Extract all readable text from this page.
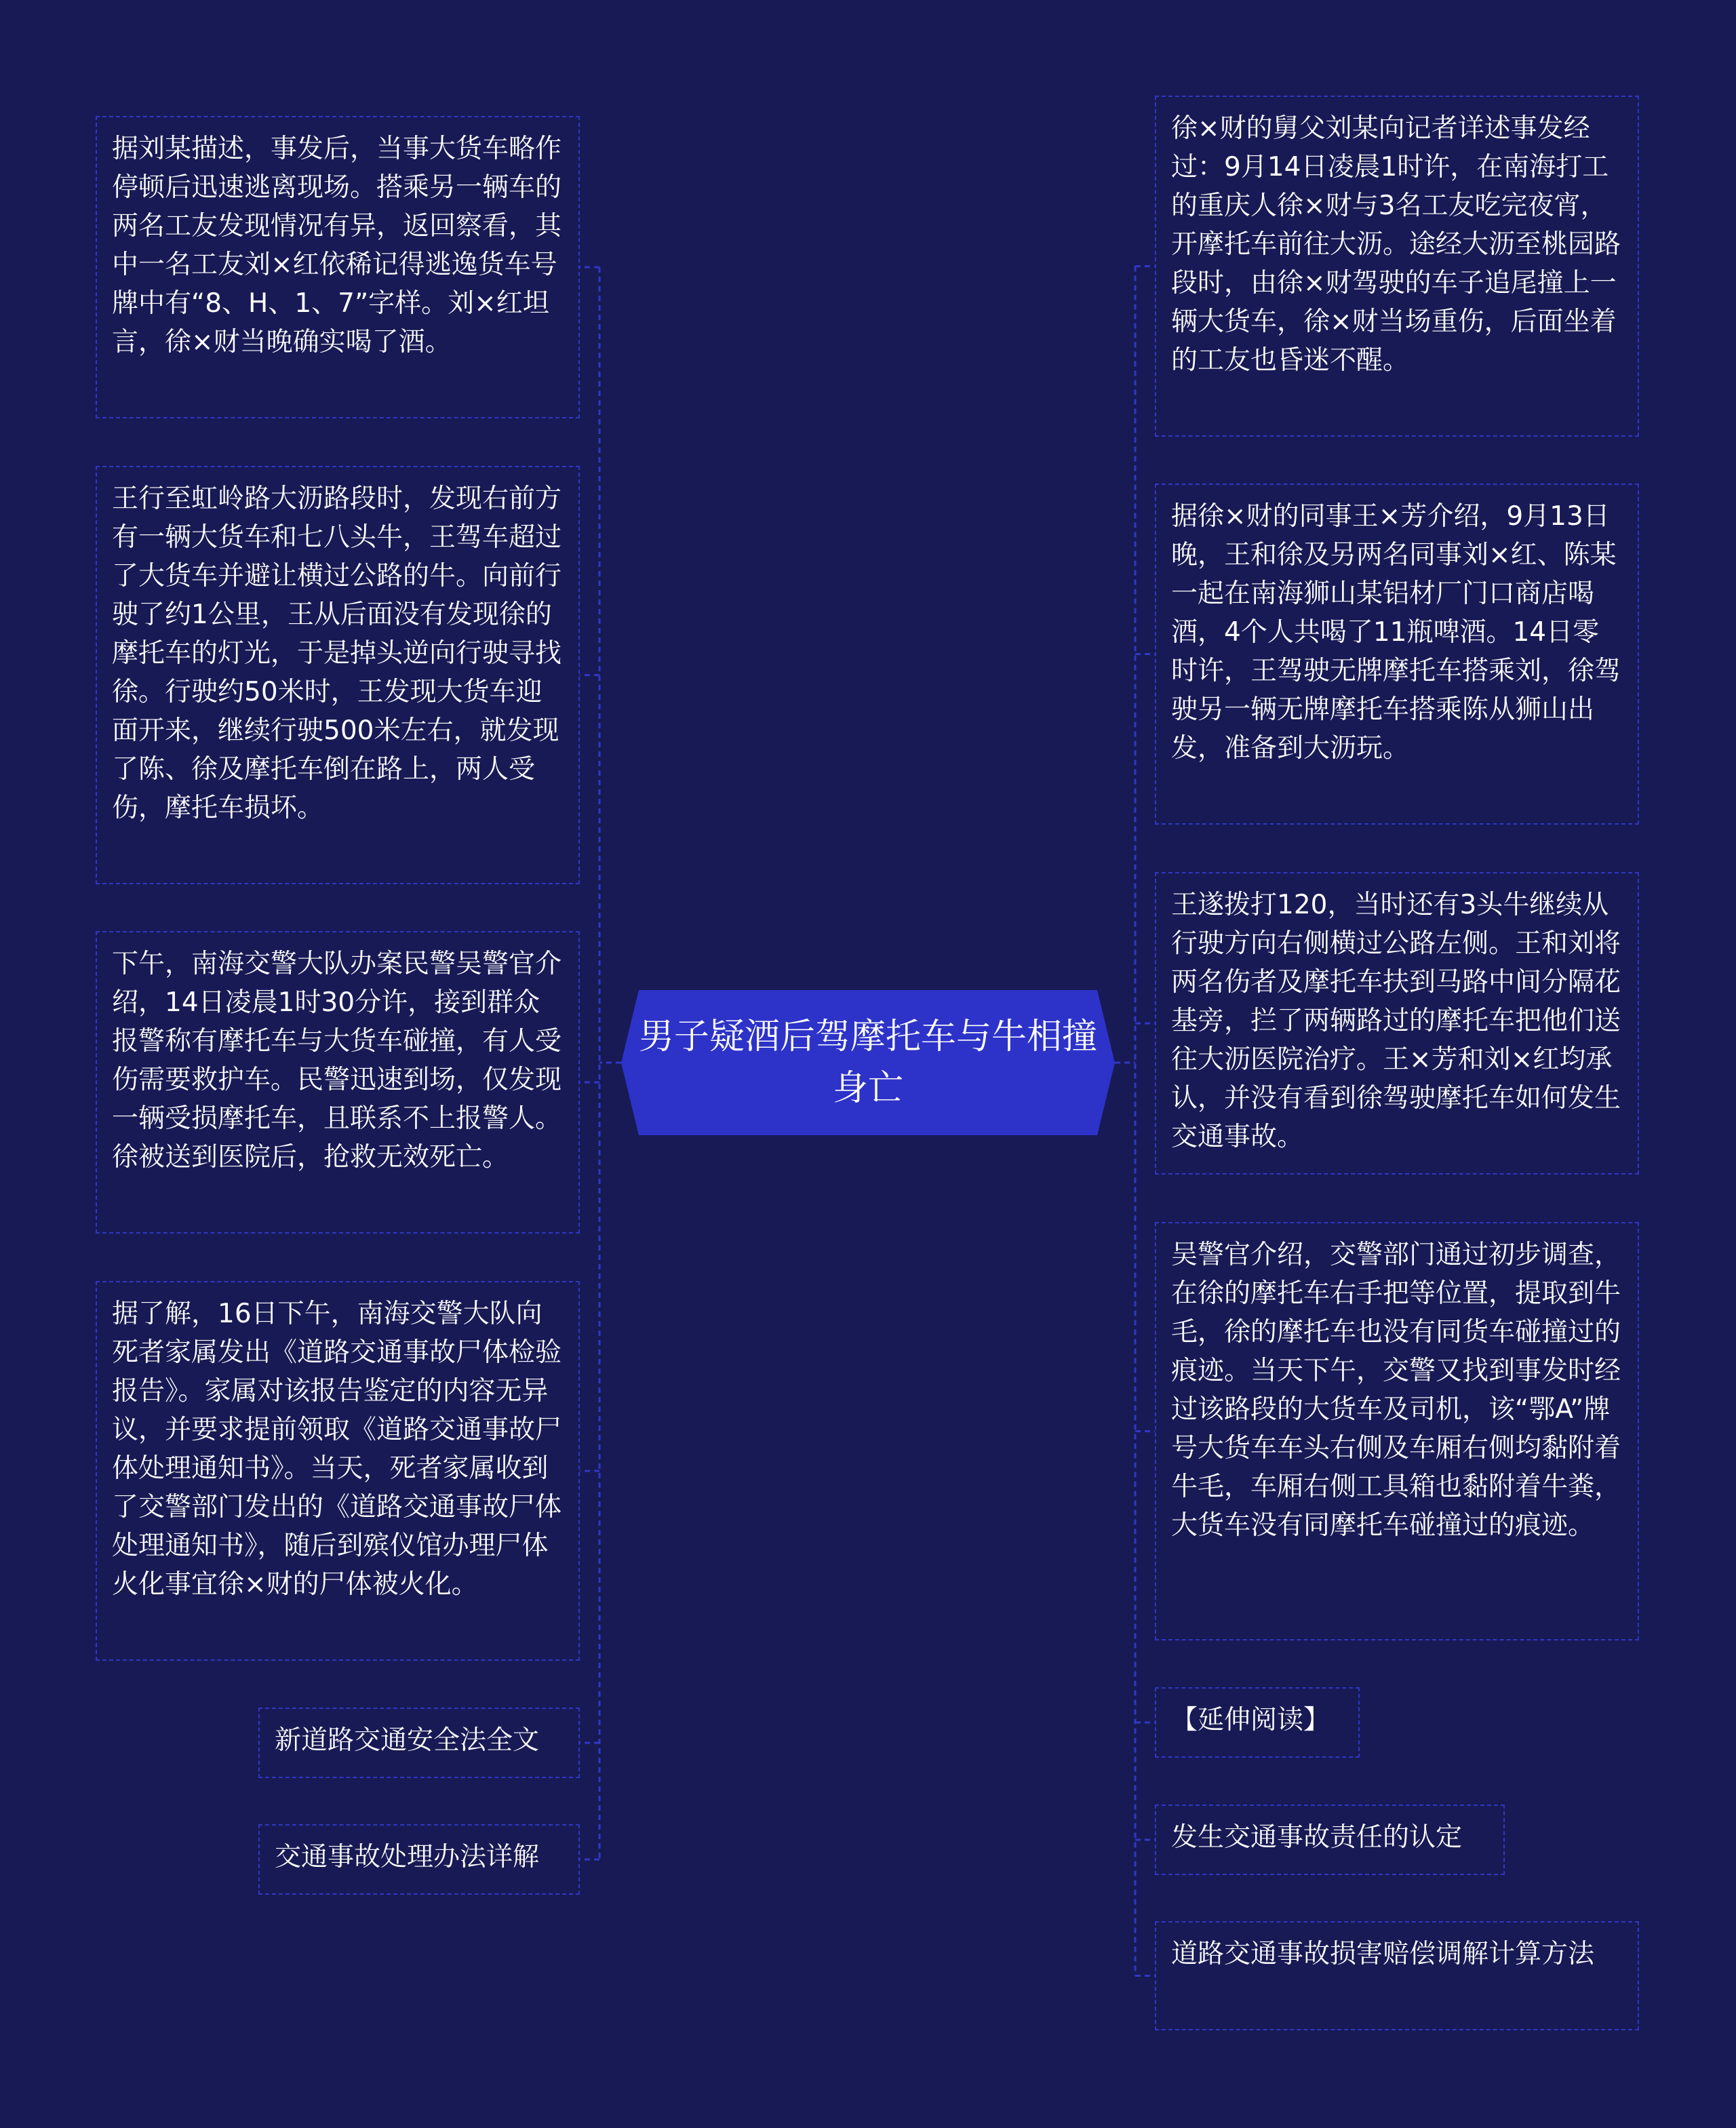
男子疑酒后驾摩托车与牛相撞身亡
据刘某描述，事发后，当事大货车略作停顿后迅速逃离现场。搭乘另一辆车的两名工友发现情况有异，返回察看，其中一名工友刘×红依稀记得逃逸货车号牌中有“8、H、1、7”字样。刘×红坦言，徐×财当晚确实喝了酒。
王行至虹岭路大沥路段时，发现右前方有一辆大货车和七八头牛，王驾车超过了大货车并避让横过公路的牛。向前行驶了约1公里，王从后面没有发现徐的摩托车的灯光，于是掉头逆向行驶寻找徐。行驶约50米时，王发现大货车迎面开来，继续行驶500米左右，就发现了陈、徐及摩托车倒在路上，两人受伤，摩托车损坏。
下午，南海交警大队办案民警吴警官介绍，14日凌晨1时30分许，接到群众报警称有摩托车与大货车碰撞，有人受伤需要救护车。民警迅速到场，仅发现一辆受损摩托车，且联系不上报警人。徐被送到医院后，抢救无效死亡。
据了解，16日下午，南海交警大队向死者家属发出《道路交通事故尸体检验报告》。家属对该报告鉴定的内容无异议，并要求提前领取《道路交通事故尸体处理通知书》。当天，死者家属收到了交警部门发出的《道路交通事故尸体处理通知书》，随后到殡仪馆办理尸体火化事宜徐×财的尸体被火化。
新道路交通安全法全文
交通事故处理办法详解
徐×财的舅父刘某向记者详述事发经过：9月14日凌晨1时许，在南海打工的重庆人徐×财与3名工友吃完夜宵，开摩托车前往大沥。途经大沥至桃园路段时，由徐×财驾驶的车子追尾撞上一辆大货车，徐×财当场重伤，后面坐着的工友也昏迷不醒。
据徐×财的同事王×芳介绍，9月13日晚，王和徐及另两名同事刘×红、陈某一起在南海狮山某铝材厂门口商店喝酒，4个人共喝了11瓶啤酒。14日零时许，王驾驶无牌摩托车搭乘刘，徐驾驶另一辆无牌摩托车搭乘陈从狮山出发，准备到大沥玩。
王遂拨打120，当时还有3头牛继续从行驶方向右侧横过公路左侧。王和刘将两名伤者及摩托车扶到马路中间分隔花基旁，拦了两辆路过的摩托车把他们送往大沥医院治疗。王×芳和刘×红均承认，并没有看到徐驾驶摩托车如何发生交通事故。
吴警官介绍，交警部门通过初步调查，在徐的摩托车右手把等位置，提取到牛毛，徐的摩托车也没有同货车碰撞过的痕迹。当天下午，交警又找到事发时经过该路段的大货车及司机，该“鄂A”牌号大货车车头右侧及车厢右侧均黏附着牛毛，车厢右侧工具箱也黏附着牛粪，大货车没有同摩托车碰撞过的痕迹。
【延伸阅读】
发生交通事故责任的认定
道路交通事故损害赔偿调解计算方法
